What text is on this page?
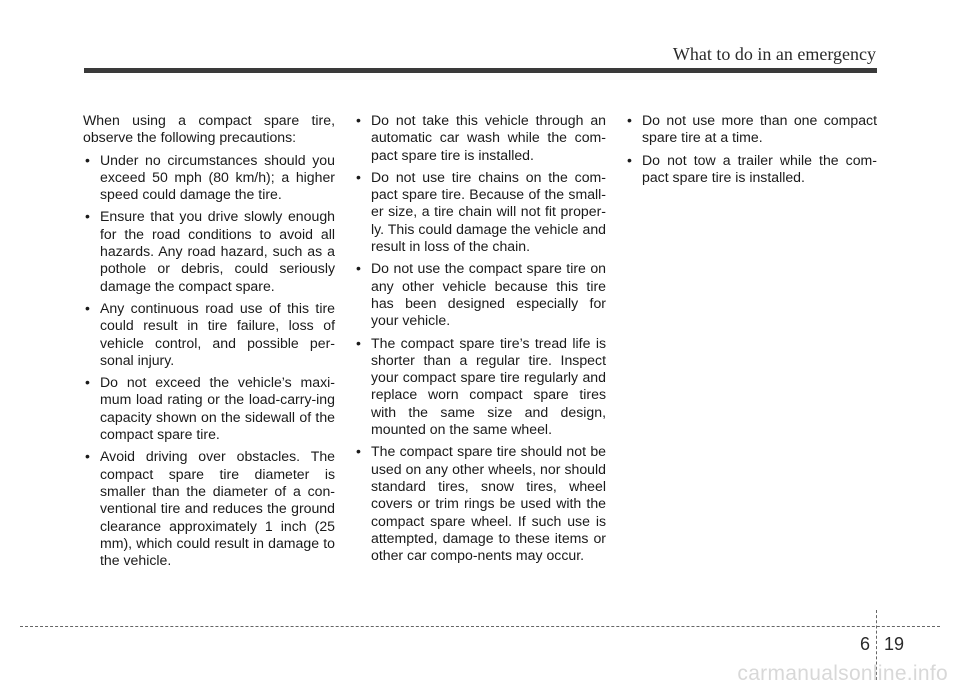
What to do in an emergency

When using a compact spare tire, observe the following precautions:

• Under no circumstances should you exceed 50 mph (80 km/h); a higher speed could damage the tire.
• Ensure that you drive slowly enough for the road conditions to avoid all hazards. Any road hazard, such as a pothole or debris, could seriously damage the compact spare.
• Any continuous road use of this tire could result in tire failure, loss of vehicle control, and possible per-sonal injury.
• Do not exceed the vehicle’s maxi-mum load rating or the load-carry-ing capacity shown on the sidewall of the compact spare tire.
• Avoid driving over obstacles. The compact spare tire diameter is smaller than the diameter of a con-ventional tire and reduces the ground clearance approximately 1 inch (25 mm), which could result in damage to the vehicle.
• Do not take this vehicle through an automatic car wash while the com-pact spare tire is installed.
• Do not use tire chains on the com-pact spare tire. Because of the small-er size, a tire chain will not fit proper-ly. This could damage the vehicle and result in loss of the chain.
• Do not use the compact spare tire on any other vehicle because this tire has been designed especially for your vehicle.
• The compact spare tire’s tread life is shorter than a regular tire. Inspect your compact spare tire regularly and replace worn compact spare tires with the same size and design, mounted on the same wheel.
• The compact spare tire should not be used on any other wheels, nor should standard tires, snow tires, wheel covers or trim rings be used with the compact spare wheel. If such use is attempted, damage to these items or other car compo-nents may occur.
• Do not use more than one compact spare tire at a time.
• Do not tow a trailer while the com-pact spare tire is installed.
6 19
carmanualsonline.info
